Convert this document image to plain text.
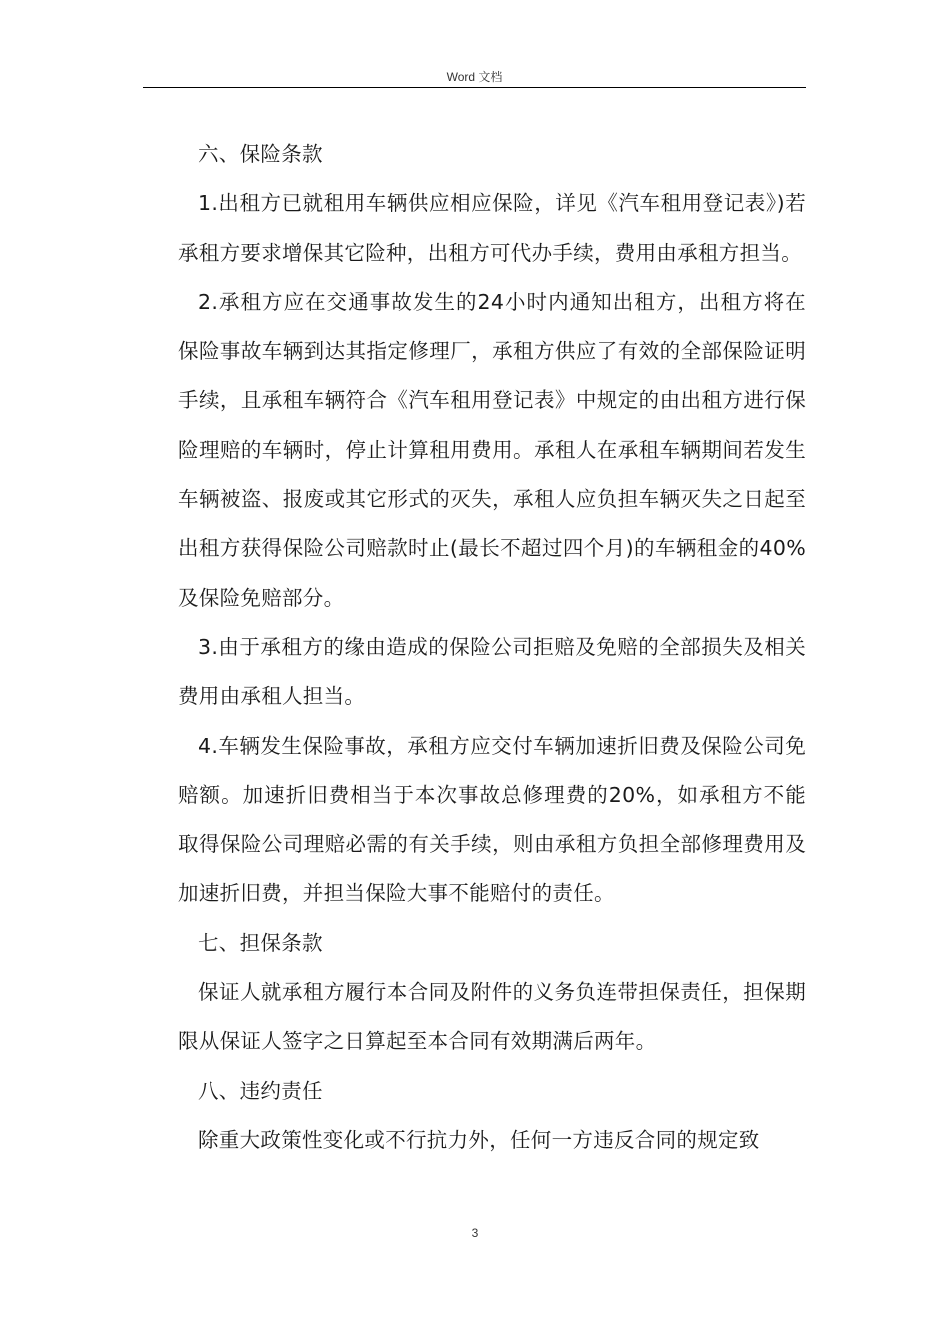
Word 文档

六、保险条款

1.出租方已就租用车辆供应相应保险，详见《汽车租用登记表》)若承租方要求增保其它险种，出租方可代办手续，费用由承租方担当。

2.承租方应在交通事故发生的24小时内通知出租方，出租方将在保险事故车辆到达其指定修理厂，承租方供应了有效的全部保险证明手续，且承租车辆符合《汽车租用登记表》中规定的由出租方进行保险理赔的车辆时，停止计算租用费用。承租人在承租车辆期间若发生车辆被盗、报废或其它形式的灭失，承租人应负担车辆灭失之日起至出租方获得保险公司赔款时止(最长不超过四个月)的车辆租金的40%及保险免赔部分。

3.由于承租方的缘由造成的保险公司拒赔及免赔的全部损失及相关费用由承租人担当。

4.车辆发生保险事故，承租方应交付车辆加速折旧费及保险公司免赔额。加速折旧费相当于本次事故总修理费的20%，如承租方不能取得保险公司理赔必需的有关手续，则由承租方负担全部修理费用及加速折旧费，并担当保险大事不能赔付的责任。

七、担保条款

保证人就承租方履行本合同及附件的义务负连带担保责任，担保期限从保证人签字之日算起至本合同有效期满后两年。

八、违约责任

除重大政策性变化或不行抗力外，任何一方违反合同的规定致

3
